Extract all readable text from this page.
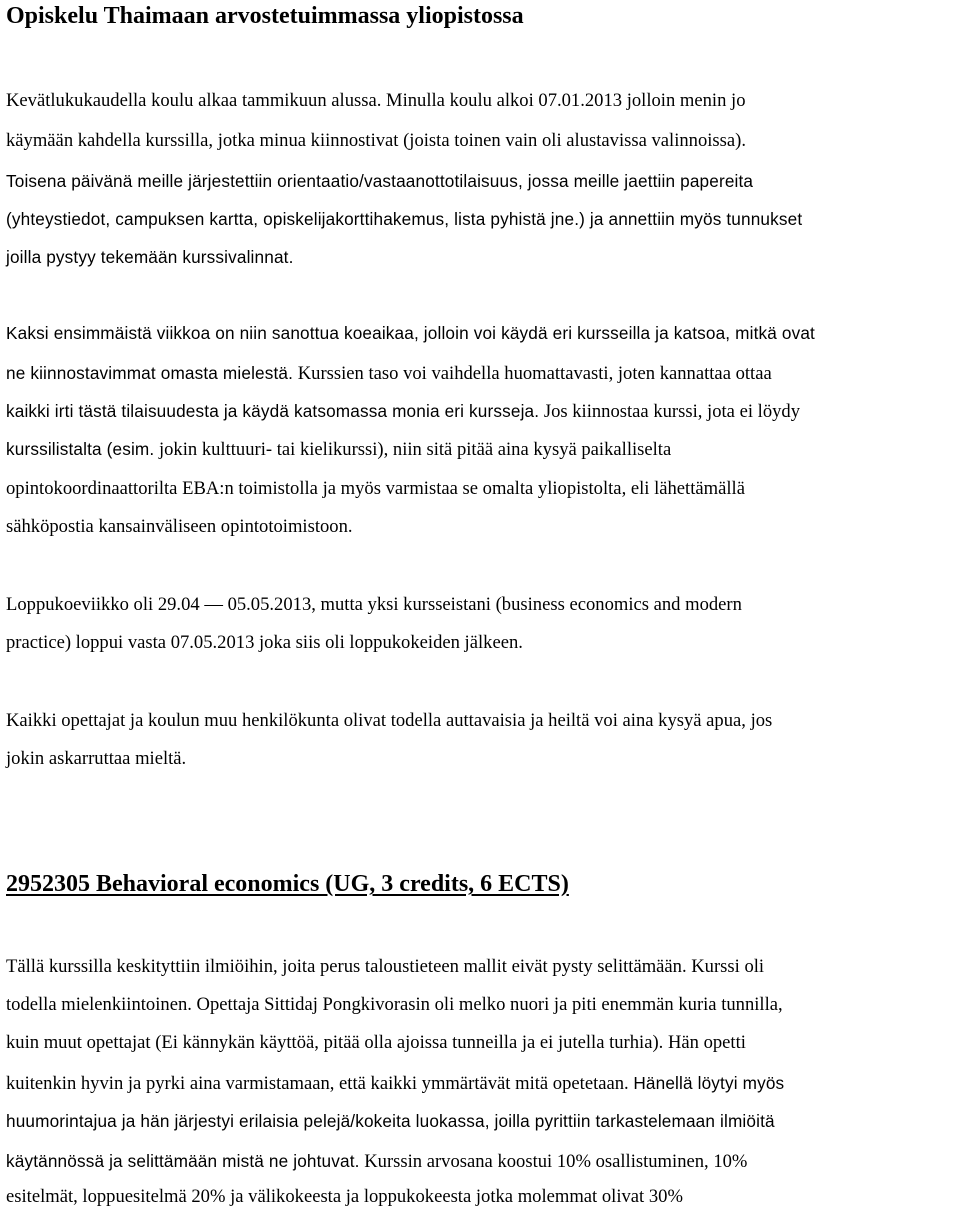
Opiskelu Thaimaan arvostetuimmassa yliopistossa
Kevätlukukaudella koulu alkaa tammikuun alussa. Minulla koulu alkoi 07.01.2013 jolloin menin jo
käymään kahdella kurssilla, jotka minua kiinnostivat (joista toinen vain oli alustavissa valinnoissa).
Toisena päivänä meille järjestettiin orientaatio/vastaanottotilaisuus, jossa meille jaettiin papereita
(yhteystiedot, campuksen kartta, opiskelijakorttihakemus, lista pyhistä jne.) ja annettiin myös tunnukset
joilla pystyy tekemään kurssivalinnat.
Kaksi ensimmäistä viikkoa on niin sanottua koeaikaa, jolloin voi käydä eri kursseilla ja katsoa, mitkä ovat
ne kiinnostavimmat omasta mielestä. Kurssien taso voi vaihdella huomattavasti, joten kannattaa ottaa
kaikki irti tästä tilaisuudesta ja käydä katsomassa monia eri kursseja. Jos kiinnostaa kurssi, jota ei löydy
kurssilistalta (esim. jokin kulttuuri- tai kielikurssi), niin sitä pitää aina kysyä paikalliselta
opintokoordinaattorilta EBA:n toimistolla ja myös varmistaa se omalta yliopistolta, eli lähettämällä
sähköpostia kansainväliseen opintotoimistoon.
Loppukoeviikko oli 29.04 — 05.05.2013, mutta yksi kursseistani (business economics and modern
practice) loppui vasta 07.05.2013 joka siis oli loppukokeiden jälkeen.
Kaikki opettajat ja koulun muu henkilökunta olivat todella auttavaisia ja heiltä voi aina kysyä apua, jos
jokin askarruttaa mieltä.
2952305 Behavioral economics (UG, 3 credits, 6 ECTS)
Tällä kurssilla keskityttiin ilmiöihin, joita perus taloustieteen mallit eivät pysty selittämään. Kurssi oli
todella mielenkiintoinen. Opettaja Sittidaj Pongkivorasin oli melko nuori ja piti enemmän kuria tunnilla,
kuin muut opettajat (Ei kännykän käyttöä, pitää olla ajoissa tunneilla ja ei jutella turhia). Hän opetti
kuitenkin hyvin ja pyrki aina varmistamaan, että kaikki ymmärtävät mitä opetetaan. Hänellä löytyi myös
huumorintajua ja hän järjestyi erilaisia pelejä/kokeita luokassa, joilla pyrittiin tarkastelemaan ilmiöitä
käytännössä ja selittämään mistä ne johtuvat. Kurssin arvosana koostui 10% osallistuminen, 10%
esitelmät, loppuesitelmä 20% ja välikokeesta ja loppukokeesta jotka molemmat olivat 30%
